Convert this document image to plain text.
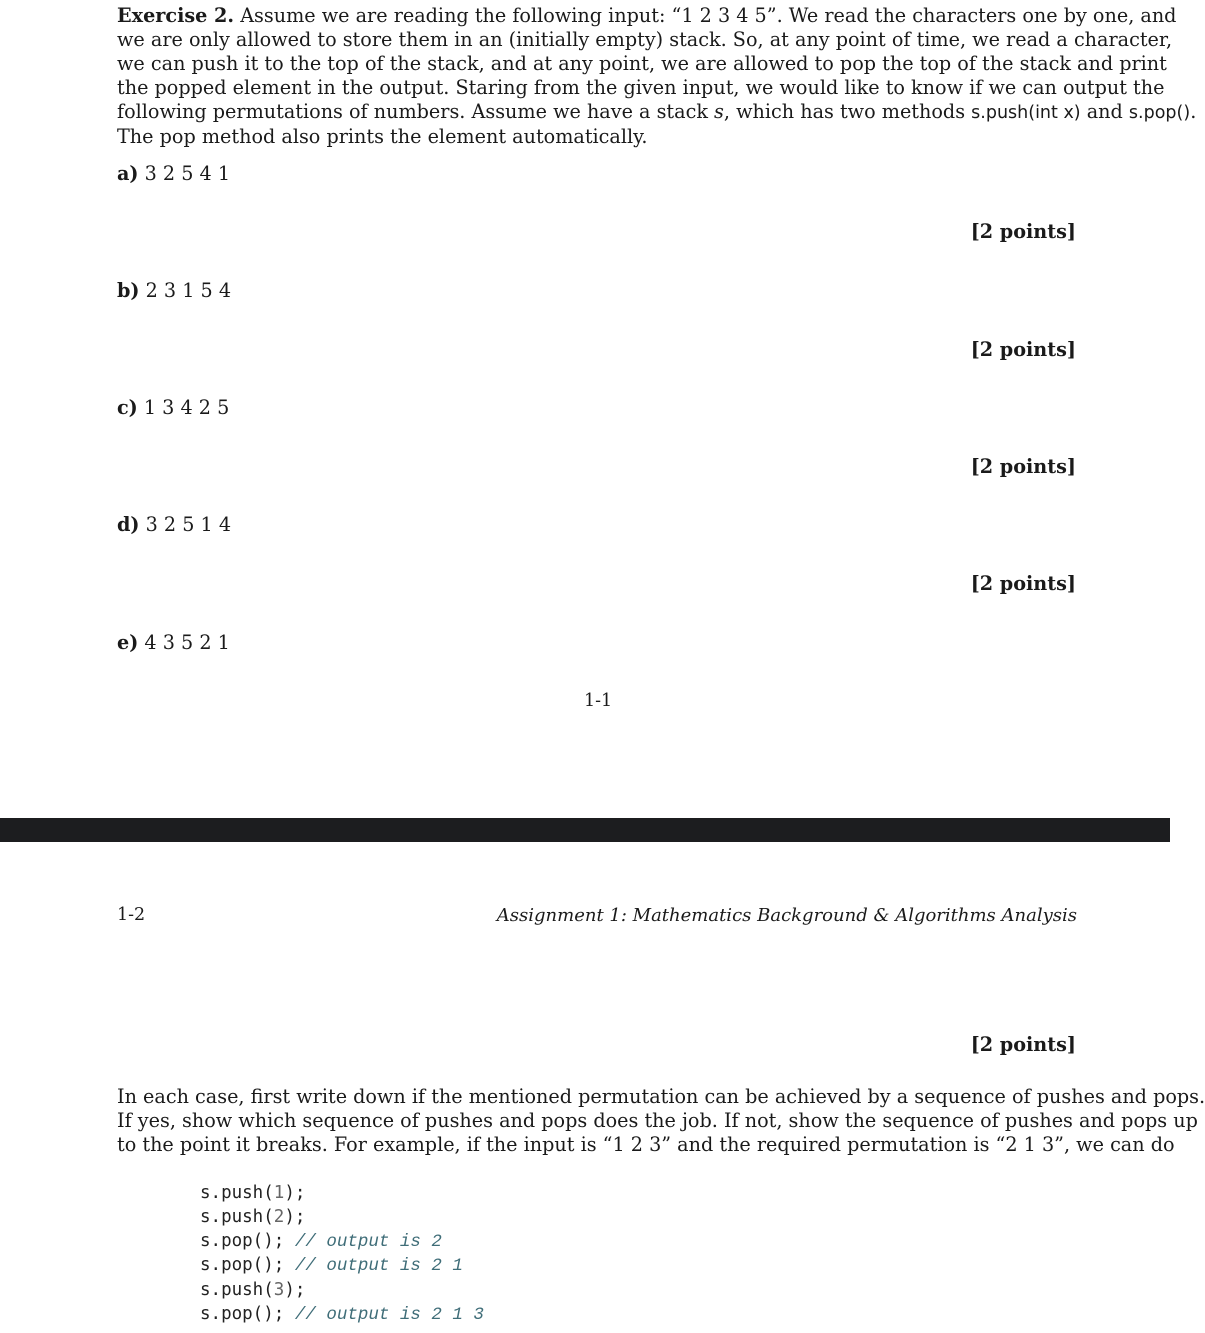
Exercise 2. Assume we are reading the following input: “1 2 3 4 5”. We read the characters one by one, and
we are only allowed to store them in an (initially empty) stack. So, at any point of time, we read a character,
we can push it to the top of the stack, and at any point, we are allowed to pop the top of the stack and print
the popped element in the output. Staring from the given input, we would like to know if we can output the
following permutations of numbers. Assume we have a stack s, which has two methods s.push(int x) and s.pop().
The pop method also prints the element automatically.
a) 3 2 5 4 1
[2 points]
b) 2 3 1 5 4
[2 points]
c) 1 3 4 2 5
[2 points]
d) 3 2 5 1 4
[2 points]
e) 4 3 5 2 1
1-1
1-2	Assignment 1: Mathematics Background & Algorithms Analysis
[2 points]
In each case, first write down if the mentioned permutation can be achieved by a sequence of pushes and pops.
If yes, show which sequence of pushes and pops does the job. If not, show the sequence of pushes and pops up
to the point it breaks. For example, if the input is “1 2 3” and the required permutation is “2 1 3”, we can do
s.push(1);
s.push(2);
s.pop(); // output is 2
s.pop(); // output is 2 1
s.push(3);
s.pop(); // output is 2 1 3
